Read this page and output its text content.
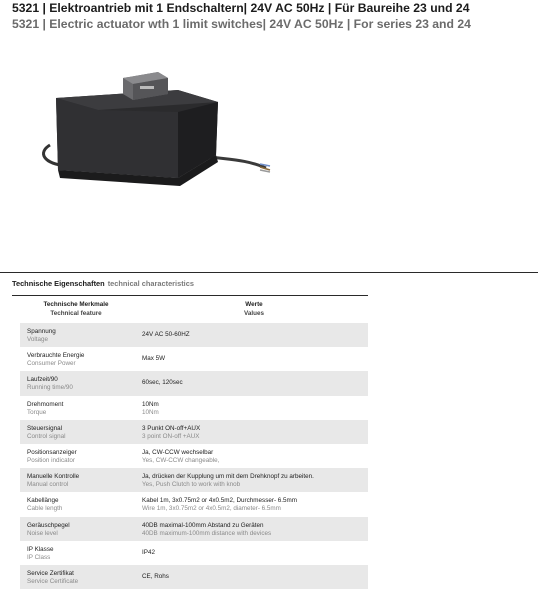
5321 | Elektroantrieb mit 1 Endschaltern| 24V AC 50Hz | Für Baureihe 23 und 24
5321 | Electric actuator wth 1 limit switches| 24V AC 50Hz | For series 23 and 24
Technische Eigenschaften technical characteristics
Technische Merkmale
Technical feature
Werte
Values
Spannung
Voltage
24V AC 50-60HZ
Verbrauchte Energie
Consumer Power
Max 5W
Laufzeit/90
Running time/90
60sec, 120sec
Drehmoment
Torque
10Nm
10Nm
Steuersignal
Control signal
3 Punkt ON-off+AUX
3 point ON-off +AUX
Positionsanzeiger
Position indicator
Ja, CW-CCW wechselbar
Yes, CW-CCW changeable,
Manuelle Kontrolle
Manual control
Ja, drücken der Kupplung um mit dem Drehknopf zu arbeiten.
Yes, Push Clutch to work with knob
Kabellänge
Cable length
Kabel 1m, 3x0.75m2 or 4x0.5m2, Durchmesser- 6.5mm
Wire 1m, 3x0.75m2 or 4x0.5m2, diameter- 6.5mm
Geräuschpegel
Noise level
40DB maximal-100mm Abstand zu Geräten
40DB maximum-100mm distance with devices
IP Klasse
IP Class
IP42
Service Zertifikat
Service Certificate
CE, Rohs
